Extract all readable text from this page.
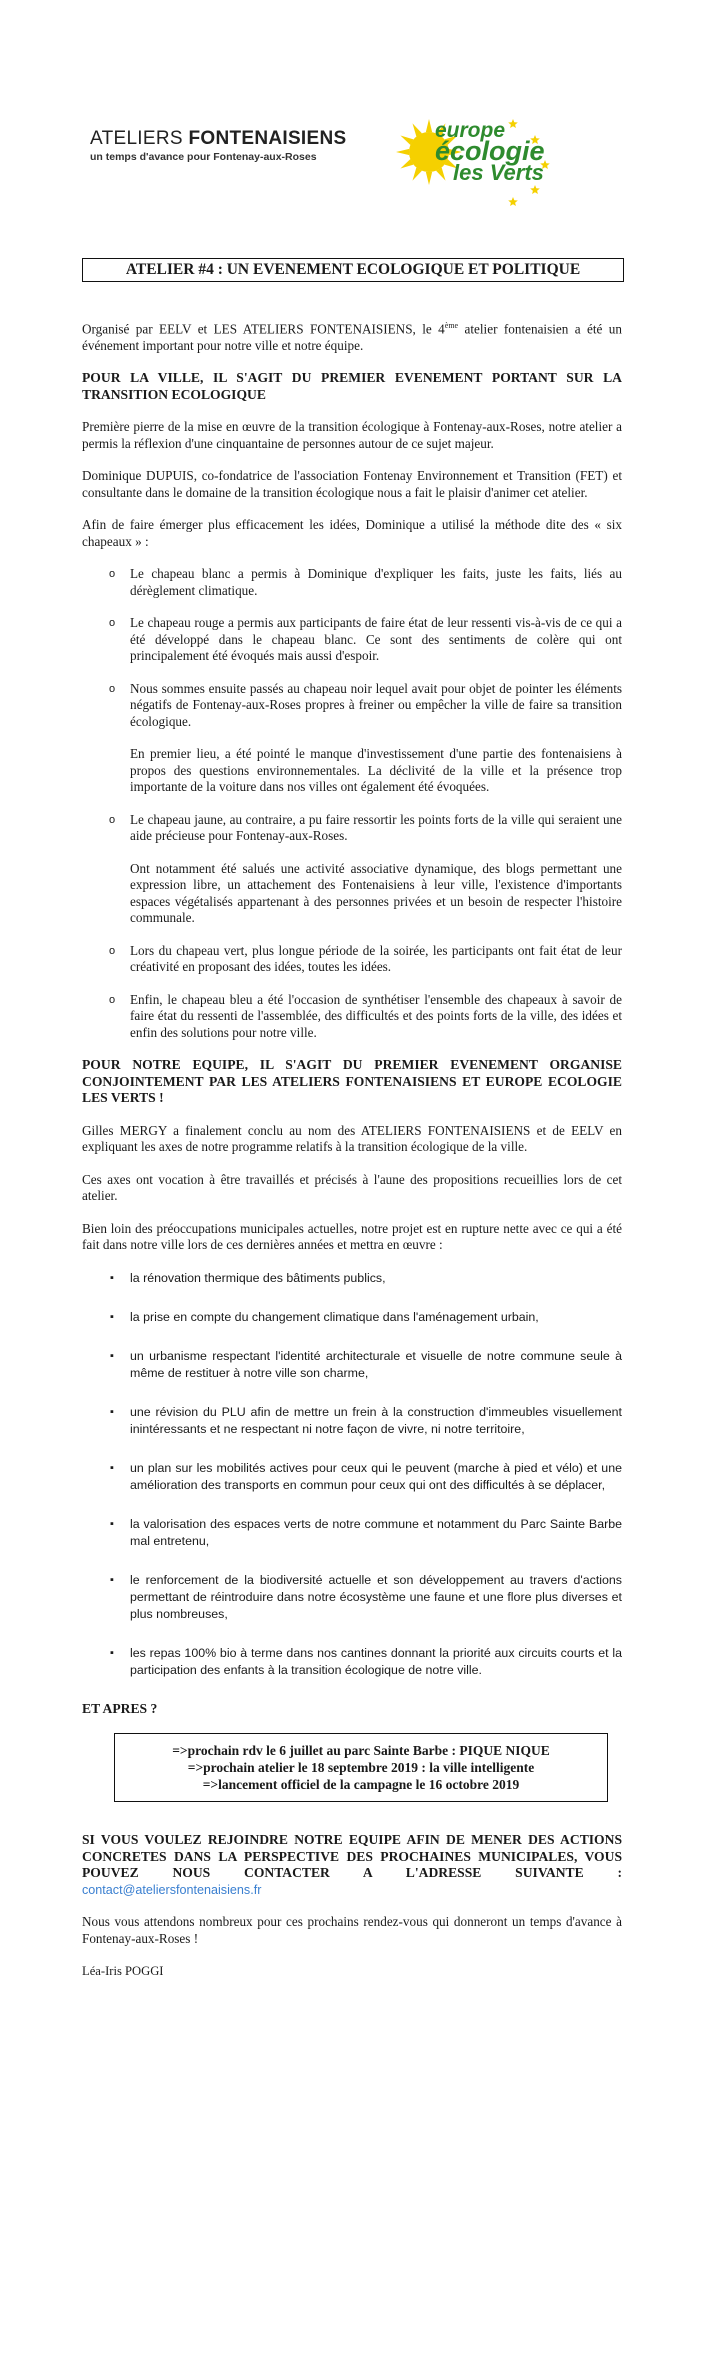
ATELIERS FONTENAISIENS
un temps d'avance pour Fontenay-aux-Roses
europe
écologie
les Verts
ATELIER #4 : UN EVENEMENT ECOLOGIQUE ET POLITIQUE

Organisé par EELV et LES ATELIERS FONTENAISIENS, le 4ème atelier fontenaisien a été un événement important pour notre ville et notre équipe.

POUR LA VILLE, IL S'AGIT DU PREMIER EVENEMENT PORTANT SUR LA TRANSITION ECOLOGIQUE

Première pierre de la mise en œuvre de la transition écologique à Fontenay-aux-Roses, notre atelier a permis la réflexion d'une cinquantaine de personnes autour de ce sujet majeur.

Dominique DUPUIS, co-fondatrice de l'association Fontenay Environnement et Transition (FET) et consultante dans le domaine de la transition écologique nous a fait le plaisir d'animer cet atelier.

Afin de faire émerger plus efficacement les idées, Dominique a utilisé la méthode dite des « six chapeaux » :

o Le chapeau blanc a permis à Dominique d'expliquer les faits, juste les faits, liés au dérèglement climatique.
o Le chapeau rouge a permis aux participants de faire état de leur ressenti vis-à-vis de ce qui a été développé dans le chapeau blanc. Ce sont des sentiments de colère qui ont principalement été évoqués mais aussi d'espoir.
o Nous sommes ensuite passés au chapeau noir lequel avait pour objet de pointer les éléments négatifs de Fontenay-aux-Roses propres à freiner ou empêcher la ville de faire sa transition écologique.

En premier lieu, a été pointé le manque d'investissement d'une partie des fontenaisiens à propos des questions environnementales. La déclivité de la ville et la présence trop importante de la voiture dans nos villes ont également été évoquées.

o Le chapeau jaune, au contraire, a pu faire ressortir les points forts de la ville qui seraient une aide précieuse pour Fontenay-aux-Roses.

Ont notamment été salués une activité associative dynamique, des blogs permettant une expression libre, un attachement des Fontenaisiens à leur ville, l'existence d'importants espaces végétalisés appartenant à des personnes privées et un besoin de respecter l'histoire communale.

o Lors du chapeau vert, plus longue période de la soirée, les participants ont fait état de leur créativité en proposant des idées, toutes les idées.
o Enfin, le chapeau bleu a été l'occasion de synthétiser l'ensemble des chapeaux à savoir de faire état du ressenti de l'assemblée, des difficultés et des points forts de la ville, des idées et enfin des solutions pour notre ville.
POUR NOTRE EQUIPE, IL S'AGIT DU PREMIER EVENEMENT ORGANISE CONJOINTEMENT PAR LES ATELIERS FONTENAISIENS ET EUROPE ECOLOGIE LES VERTS !

Gilles MERGY a finalement conclu au nom des ATELIERS FONTENAISIENS et de EELV en expliquant les axes de notre programme relatifs à la transition écologique de la ville.

Ces axes ont vocation à être travaillés et précisés à l'aune des propositions recueillies lors de cet atelier.

Bien loin des préoccupations municipales actuelles, notre projet est en rupture nette avec ce qui a été fait dans notre ville lors de ces dernières années et mettra en œuvre :

▪ la rénovation thermique des bâtiments publics,
▪ la prise en compte du changement climatique dans l'aménagement urbain,
▪ un urbanisme respectant l'identité architecturale et visuelle de notre commune seule à même de restituer à notre ville son charme,
▪ une révision du PLU afin de mettre un frein à la construction d'immeubles visuellement inintéressants et ne respectant ni notre façon de vivre, ni notre territoire,
▪ un plan sur les mobilités actives pour ceux qui le peuvent (marche à pied et vélo) et une amélioration des transports en commun pour ceux qui ont des difficultés à se déplacer,
▪ la valorisation des espaces verts de notre commune et notamment du Parc Sainte Barbe mal entretenu,
▪ le renforcement de la biodiversité actuelle et son développement au travers d'actions permettant de réintroduire dans notre écosystème une faune et une flore plus diverses et plus nombreuses,
▪ les repas 100% bio à terme dans nos cantines donnant la priorité aux circuits courts et la participation des enfants à la transition écologique de notre ville.
ET APRES ?
=>prochain rdv le 6 juillet au parc Sainte Barbe : PIQUE NIQUE
=>prochain atelier le 18 septembre 2019 : la ville intelligente
=>lancement officiel de la campagne le 16 octobre 2019
SI VOUS VOULEZ REJOINDRE NOTRE EQUIPE AFIN DE MENER DES ACTIONS CONCRETES DANS LA PERSPECTIVE DES PROCHAINES MUNICIPALES, VOUS POUVEZ NOUS CONTACTER A L'ADRESSE SUIVANTE : contact@ateliersfontenaisiens.fr

Nous vous attendons nombreux pour ces prochains rendez-vous qui donneront un temps d'avance à Fontenay-aux-Roses !

Léa-Iris POGGI
